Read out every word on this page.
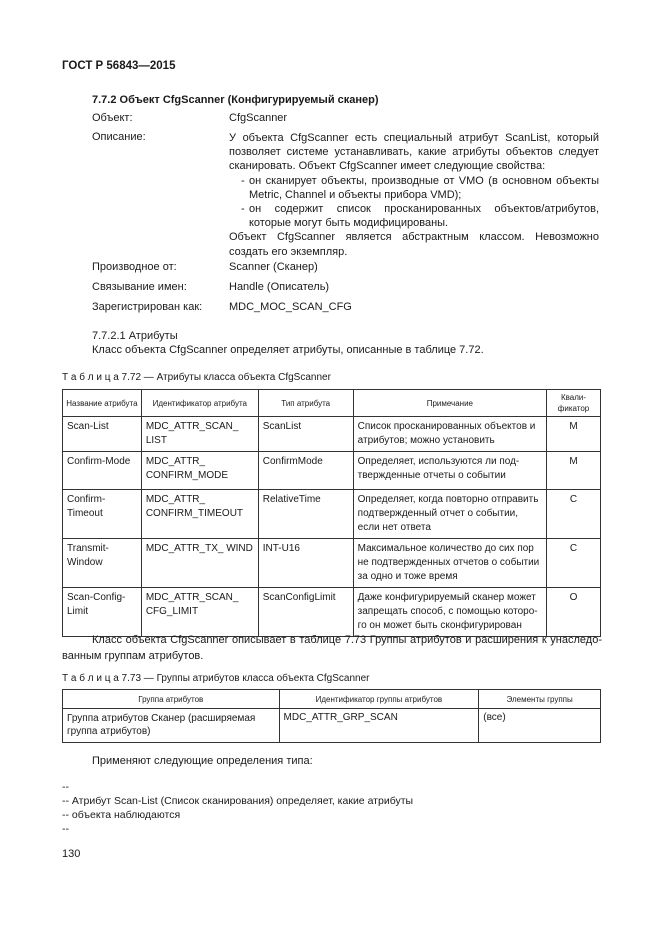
ГОСТ Р 56843—2015
7.7.2 Объект CfgScanner (Конфигурируемый сканер)
Объект:	CfgScanner
Описание:	У объекта CfgScanner есть специальный атрибут ScanList, который позволяет системе устанавливать, какие атрибуты объектов следует сканировать. Объект CfgScanner имеет следующие свойства:

- он сканирует объекты, производные от VMO (в основном объекты Metric, Channel и объекты прибора VMD);
- он содержит список просканированных объектов/атрибутов, которые могут быть модифицированы.

Объект CfgScanner является абстрактным классом. Невозможно создать его экземпляр.

Производное от:	Scanner (Сканер)
Связывание имен:	Handle (Описатель)
Зарегистрирован как: MDC_MOC_SCAN_CFG
7.7.2.1 Атрибуты
Класс объекта CfgScanner определяет атрибуты, описанные в таблице 7.72.
Т а б л и ц а 7.72 — Атрибуты класса объекта CfgScanner
Название атрибута	Идентификатор атрибута	Тип атрибута	Примечание	Квали-фикатор
Scan-List	MDC_ATTR_SCAN_ LIST	ScanList	Список просканированных объектов и атрибутов; можно установить	M
Confirm-Mode	MDC_ATTR_ CONFIRM_MODE	ConfirmMode	Определяет, используются ли под-твержденные отчеты о событии	M
Confirm-Timeout	MDC_ATTR_ CONFIRM_TIMEOUT	RelativeTime	Определяет, когда повторно отправить подтвержденный отчет о событии, если нет ответа	C
Transmit-Window	MDC_ATTR_TX_ WIND	INT-U16	Максимальное количество до сих пор не подтвержденных отчетов о событии за одно и тоже время	C
Scan-Config-Limit	MDC_ATTR_SCAN_ CFG_LIMIT	ScanConfigLimit	Даже конфигурируемый сканер может запрещать способ, с помощью которо-го он может быть сконфигурирован	O
Класс объекта CfgScanner описывает в таблице 7.73 Группы атрибутов и расширения к унаследо-ванным группам атрибутов.
Т а б л и ц а 7.73 — Группы атрибутов класса объекта CfgScanner
Группа атрибутов	Идентификатор группы атрибутов	Элементы группы
Группа атрибутов Сканер (расширяемая группа атрибутов)	MDC_ATTR_GRP_SCAN	(все)
Применяют следующие определения типа:
--
-- Атрибут Scan-List (Список сканирования) определяет, какие атрибуты
-- объекта наблюдаются
--
130
